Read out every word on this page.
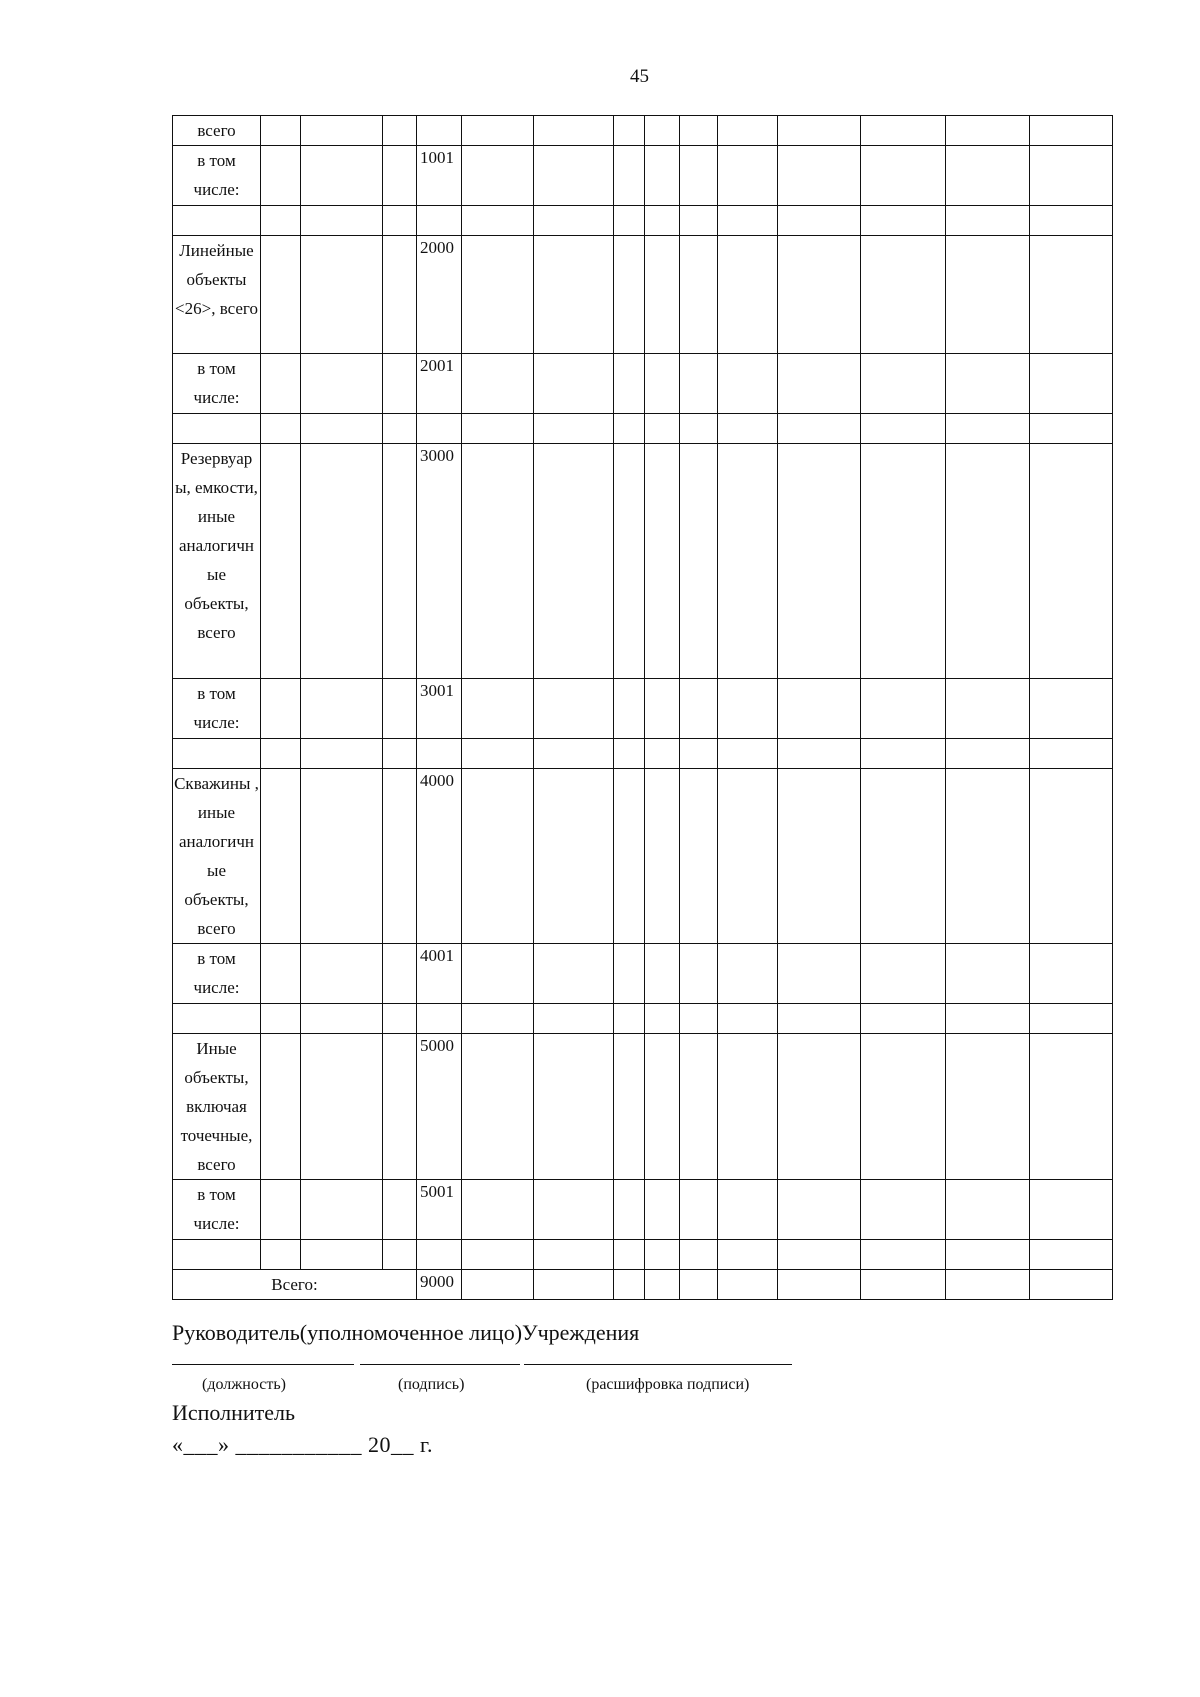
45
всего														
в том числе:				1001										

Линейные объекты <26>, всего				2000										
в том числе:				2001										

Резервуар ы, емкости, иные аналогичн ые объекты, всего				3000										
в том числе:				3001										

Скважины , иные аналогичн ые объекты, всего				4000										
в том числе:				4001										

Иные объекты, включая точечные, всего				5000										
в том числе:				5001										

Всего:				9000										
Руководитель(уполномоченное лицо)Учреждения
(должность)	(подпись)	(расшифровка подписи)
Исполнитель
«___» ___________ 20__ г.
